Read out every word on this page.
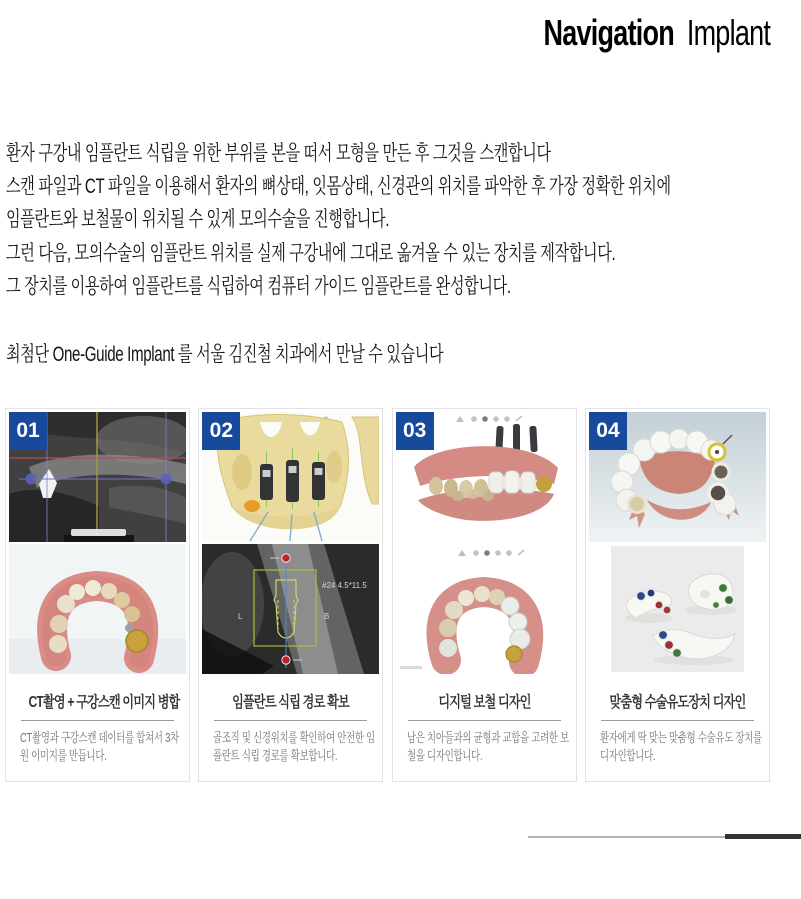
Navigation Implant

환자 구강내 임플란트 식립을 위한 부위를 본을 떠서 모형을 만든 후 그것을 스캔합니다

스캔 파일과 CT 파일을 이용해서 환자의 뼈상태, 잇몸상태, 신경관의 위치를 파악한 후 가장 정확한 위치에

임플란트와 보철물이 위치될 수 있게 모의수술을 진행합니다.

그런 다음, 모의수술의 임플란트 위치를 실제 구강내에 그대로 옮겨올 수 있는 장치를 제작합니다.

그 장치를 이용하여 임플란트를 식립하여 컴퓨터 가이드 임플란트를 완성합니다.

최첨단 One-Guide Implant 를 서울 김진철 치과에서 만날 수 있습니다
01
CT촬영 + 구강스캔 이미지 병합
CT촬영과 구강스캔 데이터를 합쳐서 3차원 이미지를 만듭니다.
02
#24 4.5*11.5
L	B
임플란트 식립 경로 확보
골조직 및 신경위치를 확인하여 안전한 임플란트 식립 경로를 확보합니다.
03
디지털 보철 디자인
남은 치아들과의 균형과 교합을 고려한 보철을 디자인합니다.
04
맞춤형 수술유도장치 디자인
환자에게 딱 맞는 맞춤형 수술유도 장치를 디자인합니다.
